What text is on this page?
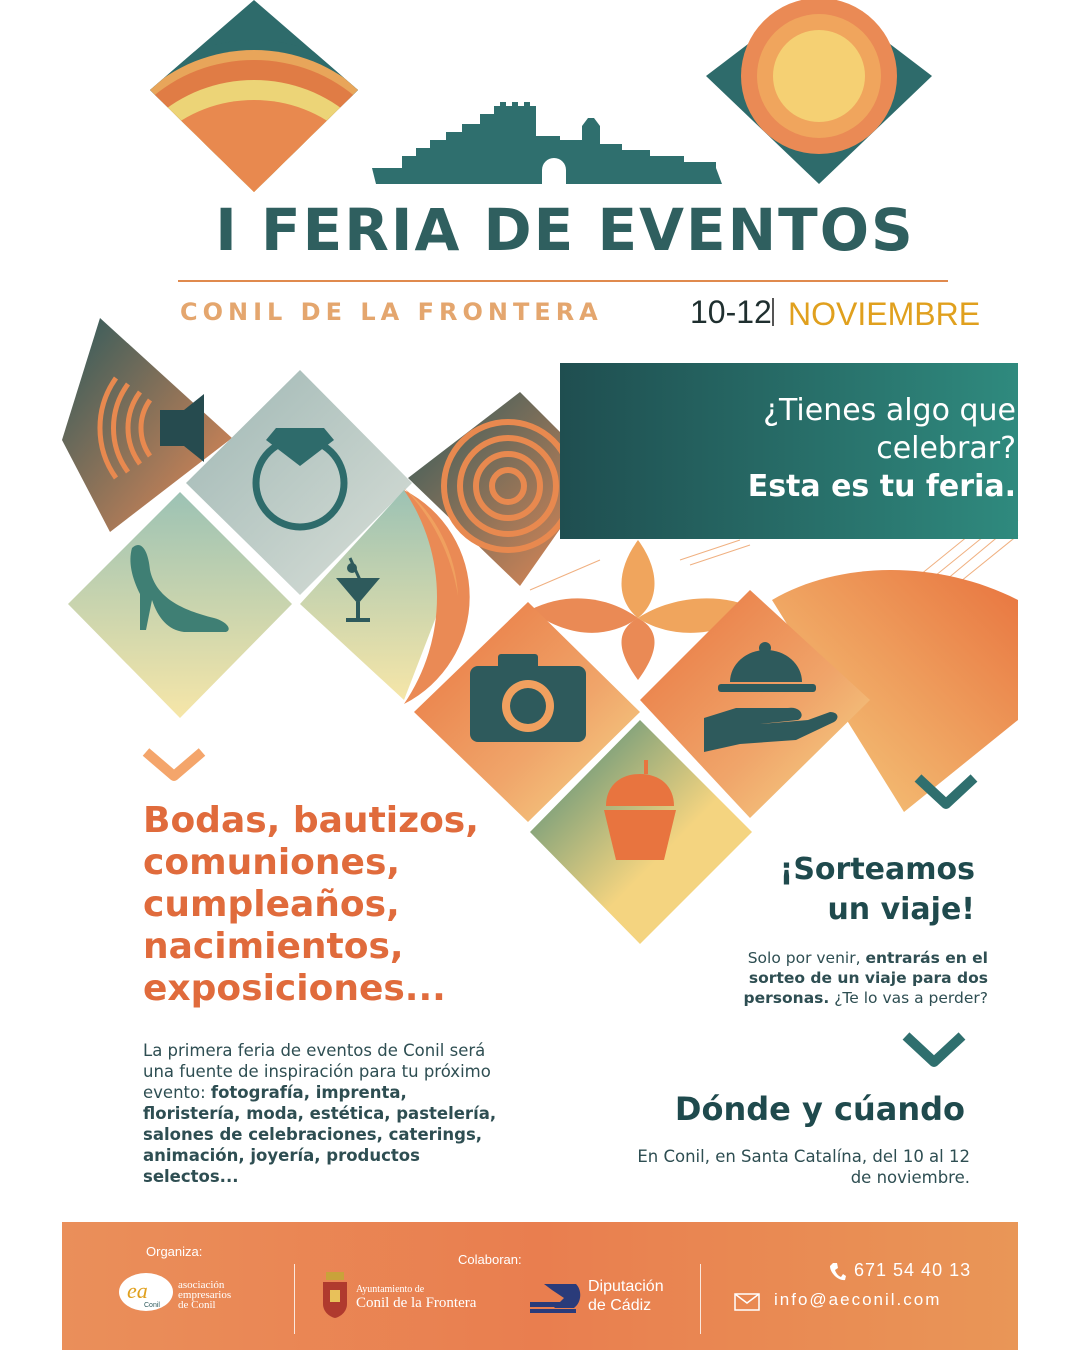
I FERIA DE EVENTOS
CONIL DE LA FRONTERA	10-12 NOVIEMBRE
¿Tienes algo que
celebrar?
Esta es tu feria.
Bodas, bautizos,
comuniones,
cumpleaños,
nacimientos,
exposiciones...
La primera feria de eventos de Conil será una fuente de inspiración para tu próximo evento: fotografía, imprenta, floristería, moda, estética, pastelería, salones de celebraciones, caterings, animación, joyería, productos selectos...
¡Sorteamos
un viaje!
Solo por venir, entrarás en el sorteo de un viaje para dos personas. ¿Te lo vas a perder?
Dónde y cúando
En Conil, en Santa Catalína, del 10 al 12 de noviembre.
Organiza:
Colaboran:
ea
Conil
asociación
empresarios
de Conil
Ayuntamiento de
Conil de la Frontera
Diputación
de Cádiz
671 54 40 13
info@aeconil.com
